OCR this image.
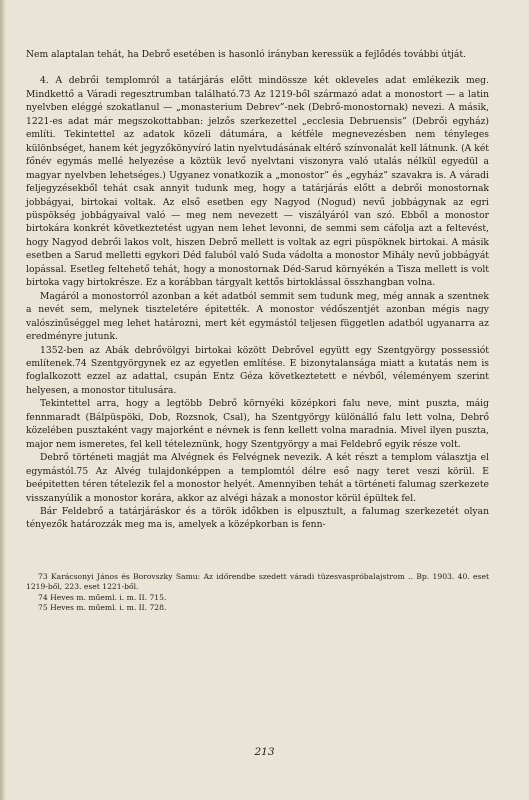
Nem alaptalan tehát, ha Debrő esetében is hasonló irányban keressük a fejlődés további útját.

4. A debrői templomról a tatárjárás előtt mindössze két okleveles adat emlékezik meg. Mindkettő a Váradi regesztrumban található.73 Az 1219-ből származó adat a monostort — a latin nyelvben eléggé szokatlanul — „monasterium Debrev”-nek (Debrő-monostornak) nevezi. A másik, 1221-es adat már megszokottabban: jelzős szerkezettel „ecclesia Debruensis” (Debrői egyház) említi. Tekintettel az adatok közeli dátumára, a kétféle megnevezésben nem tényleges különbséget, hanem két jegyzőkönyvíró latin nyelvtudásának eltérő színvonalát kell látnunk. (A két főnév egymás mellé helyezése a köztük levő nyelvtani viszonyra való utalás nélkül egyedül a magyar nyelvben lehetséges.) Ugyanez vonatkozik a „monostor” és „egyház” szavakra is. A váradi feljegyzésekből tehát csak annyit tudunk meg, hogy a tatárjárás előtt a debrői monostornak jobbágyai, birtokai voltak. Az első esetben egy Nagyod (Nogud) nevű jobbágynak az egri püspökség jobbágyaival való — meg nem nevezett — viszályáról van szó. Ebből a monostor birtokára konkrét következtetést ugyan nem lehet levonni, de semmi sem cáfolja azt a feltevést, hogy Nagyod debrői lakos volt, hiszen Debrő mellett is voltak az egri püspöknek birtokai. A másik esetben a Sarud melletti egykori Déd faluból való Suda vádolta a monostor Mihály nevű jobbágyát lopással. Esetleg feltehető tehát, hogy a monostornak Déd-Sarud környékén a Tisza mellett is volt birtoka vagy birtokrésze. Ez a korábban tárgyalt kettős birtoklással összhangban volna.

Magáról a monostorról azonban a két adatból semmit sem tudunk meg, még annak a szentnek a nevét sem, melynek tiszteletére épitették. A monostor védőszentjét azonban mégis nagy valószinűséggel meg lehet határozni, mert két egymástól teljesen független adatból ugyanarra az eredményre jutunk.

1352-ben az Abák debrővölgyi birtokai között Debrővel együtt egy Szentgyörgy possessiót említenek.74 Szentgyörgynek ez az egyetlen említése. E bizonytalansága miatt a kutatás nem is foglalkozott ezzel az adattal, csupán Entz Géza következtetett e névből, véleményem szerint helyesen, a monostor titulusára.

Tekintettel arra, hogy a legtöbb Debrő környéki középkori falu neve, mint puszta, máig fennmaradt (Bálpüspöki, Dob, Rozsnok, Csal), ha Szentgyörgy különálló falu lett volna, Debrő közelében pusztaként vagy majorként e névnek is fenn kellett volna maradnia. Mivel ilyen puszta, major nem ismeretes, fel kell tételeznünk, hogy Szentgyörgy a mai Feldebrő egyik része volt.

Debrő történeti magját ma Alvégnek és Felvégnek nevezik. A két részt a templom választja el egymástól.75 Az Alvég tulajdonképpen a templomtól délre eső nagy teret veszi körül. E beépitetten téren tételezik fel a monostor helyét. Amennyiben tehát a történeti falumag szerkezete visszanyúlik a monostor korára, akkor az alvégi házak a monostor körül épültek fel.

Bár Feldebrő a tatárjáráskor és a török időkben is elpusztult, a falumag szerkezetét olyan tényezők határozzák meg ma is, amelyek a középkorban is fenn-

73 Karácsonyi János és Borovszky Samu: Az időrendbe szedett váradi tüzesvaspróbalajstrom .. Bp. 1903. 40. eset 1219-ből, 223. eset 1221-ből.

74 Heves m. műeml. i. m. II. 715.

75 Heves m. műeml. i. m. II. 728.

213
